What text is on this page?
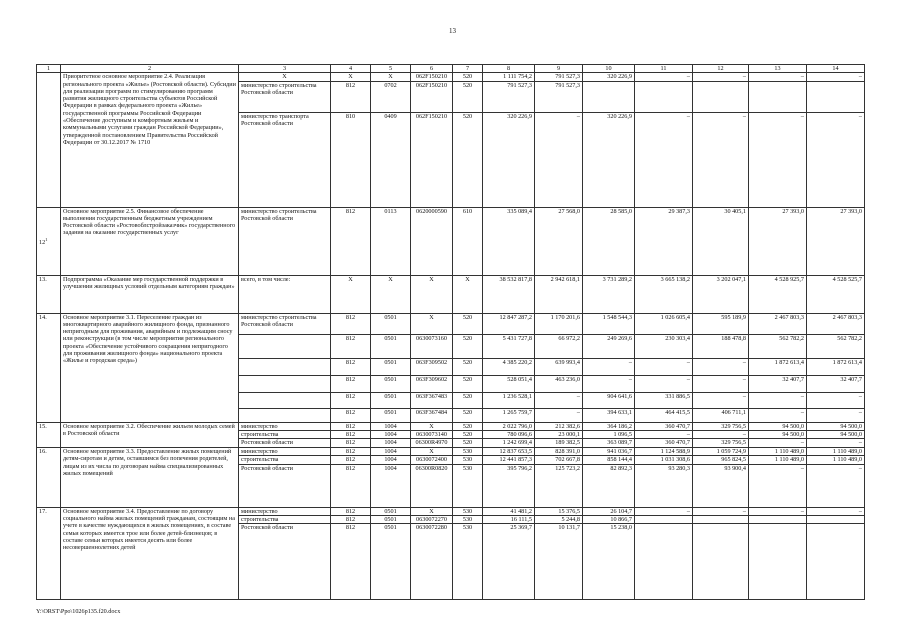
13
1	2	3	4	5	6	7	8	9	10	11	12	13	14
	Приоритетное основное мероприятие 2.4. Реализация регионального проекта «Жилье» (Ростовской области). Субсидии для реализации программ по стимулированию программ развития жилищного строительства субъектов Российской Федерации в рамках федерального проекта «Жилье» государственной программы Российской Федерации «Обеспечение доступным и комфортным жильем и коммунальными услугами граждан Российской Федерации», утвержденной постановлением Правительства Российской Федерации от 30.12.2017 № 1710	Х	Х	Х	062F150210	520	1 111 754,2	791 527,3	320 226,9	–	–	–	–
		министерство строительства Ростовской области	812	0702	062F150210	520	791 527,3	791 527,3					
		министерство транспорта Ростовской области	810	0409	062F150210	520	320 226,9	–	320 226,9	–	–	–	–
$12^1$	Основное мероприятие 2.5. Финансовое обеспечение выполнения государственным бюджетным учреждением Ростовской области «Ростовоблстройзаказчик» государственного задания на оказание государственных услуг	министерство строительства Ростовской области	812	0113	0620000590	610	335 089,4	27 568,0	28 585,0	29 387,3	30 405,1	27 393,0	27 393,0
13.	Подпрограмма «Оказание мер государственной поддержки в улучшении жилищных условий отдельным категориям граждан»	всего, в том числе:	Х	Х	Х	Х	38 532 817,8	2 942 618,1	3 731 289,2	3 665 138,2	3 202 047,1	4 528 925,7	4 528 525,7
14.	Основное мероприятие 3.1. Переселение граждан из многоквартирного аварийного жилищного фонда, признанного непригодным для проживания, аварийным и подлежащим сносу или реконструкции (в том числе мероприятия регионального проекта «Обеспечение устойчивого сокращения непригодного для проживания жилищного фонда» национального проекта «Жилье и городская среда»)	министерство строительства Ростовской области	812	0501	Х	520	12 847 287,2	1 170 201,6	1 548 544,3	1 026 605,4	595 189,9	2 467 803,3	2 467 803,3
			812	0501	0630073160	520	5 431 727,8	66 972,2	249 269,6	230 303,4	188 478,8	562 782,2	562 782,2
			812	0501	063F309502	520	4 385 220,2	639 993,4	–	–	–	1 872 613,4	1 872 613,4
			812	0501	063F309602	520	528 051,4	463 236,0	–	–	–	32 407,7	32 407,7
			812	0501	063F367483	520	1 236 528,1	–	904 641,6	331 886,5	–	–	–
			812	0501	063F367484	520	1 265 759,7	–	394 633,1	464 415,5	406 711,1	–	–
15.	Основное мероприятие 3.2. Обеспечение жильем молодых семей в Ростовской области	министерство	812	1004	Х	520	2 022 796,0	212 382,6	364 186,2	360 470,7	329 756,5	94 500,0	94 500,0
		строительства	812	1004	0630073140	520	780 096,6	23 000,1	1 096,5	–	–	94 500,0	94 500,0
		Ростовской области	812	1004	06300R4970	520	1 242 699,4	189 382,5	363 089,7	360 470,7	329 756,5	–	–
16.	Основное мероприятие 3.3. Предоставление жилых помещений детям-сиротам и детям, оставшимся без попечения родителей, лицам из их числа по договорам найма специализированных жилых помещений	министерство	812	1004	Х	530	12 837 653,5	828 391,0	941 036,7	1 124 588,9	1 059 724,9	1 110 489,0	1 110 489,0
		строительства	812	1004	0630072400	530	12 441 857,3	702 667,8	858 144,4	1 031 308,6	965 824,5	1 110 489,0	1 110 489,0
		Ростовской области	812	1004	06300R0820	530	395 796,2	125 723,2	82 892,3	93 280,3	93 900,4	–	–
17.	Основное мероприятие 3.4. Предоставление по договору социального найма жилых помещений гражданам, состоящим на учете в качестве нуждающихся в жилых помещениях, в составе семьи которых имеется трое или более детей-близнецов; в составе семьи которых имеется десять или более несовершеннолетних детей	министерство	812	0501	Х	530	41 481,2	15 376,5	26 104,7	–	–	–	–
		строительства	812	0501	0630072270	530	16 111,5	5 244,8	10 866,7				
		Ростовской области	812	0501	0630072280	530	25 369,7	10 131,7	15 238,0				
Y:\ORST\Ppo\1026p135.f20.docx
